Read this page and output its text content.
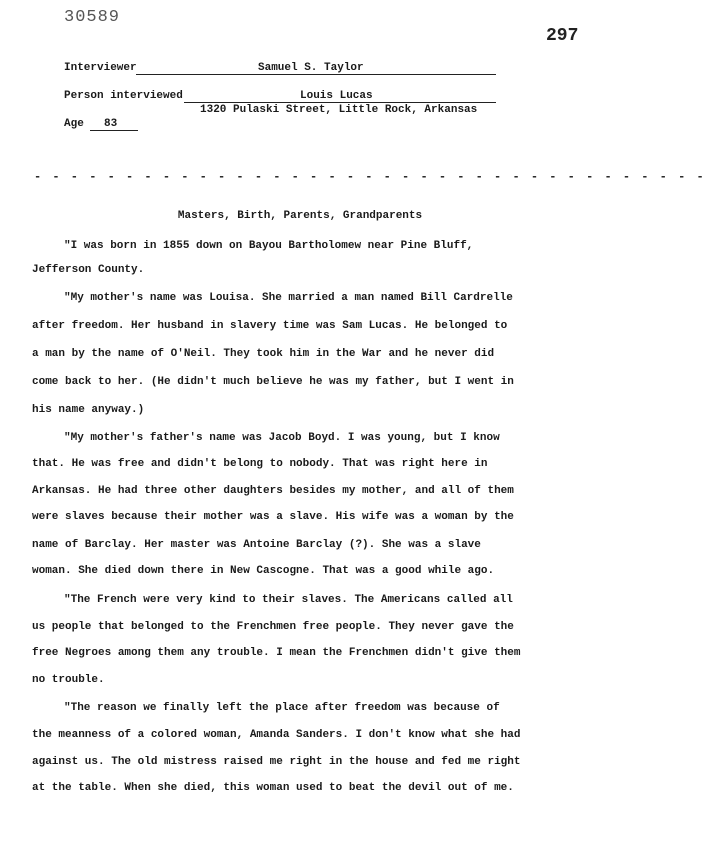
30589
297
Interviewer	Samuel S. Taylor
Person interviewed	Louis Lucas
1320 Pulaski Street, Little Rock, Arkansas
Age 83
- - - - - - - - - - - - - - - - - - - - - - - - - - - - - - - - - - - - -
Masters, Birth, Parents, Grandparents
"I was born in 1855 down on Bayou Bartholomew near Pine Bluff,
Jefferson County.
"My mother's name was Louisa. She married a man named Bill Cardrelle
after freedom. Her husband in slavery time was Sam Lucas. He belonged to
a man by the name of O'Neil. They took him in the War and he never did
come back to her. (He didn't much believe he was my father, but I went in
his name anyway.)
"My mother's father's name was Jacob Boyd. I was young, but I know
that. He was free and didn't belong to nobody. That was right here in
Arkansas. He had three other daughters besides my mother, and all of them
were slaves because their mother was a slave. His wife was a woman by the
name of Barclay. Her master was Antoine Barclay (?). She was a slave
woman. She died down there in New Cascogne. That was a good while ago.
"The French were very kind to their slaves. The Americans called all
us people that belonged to the Frenchmen free people. They never gave the
free Negroes among them any trouble. I mean the Frenchmen didn't give them
no trouble.
"The reason we finally left the place after freedom was because of
the meanness of a colored woman, Amanda Sanders. I don't know what she had
against us. The old mistress raised me right in the house and fed me right
at the table. When she died, this woman used to beat the devil out of me.
